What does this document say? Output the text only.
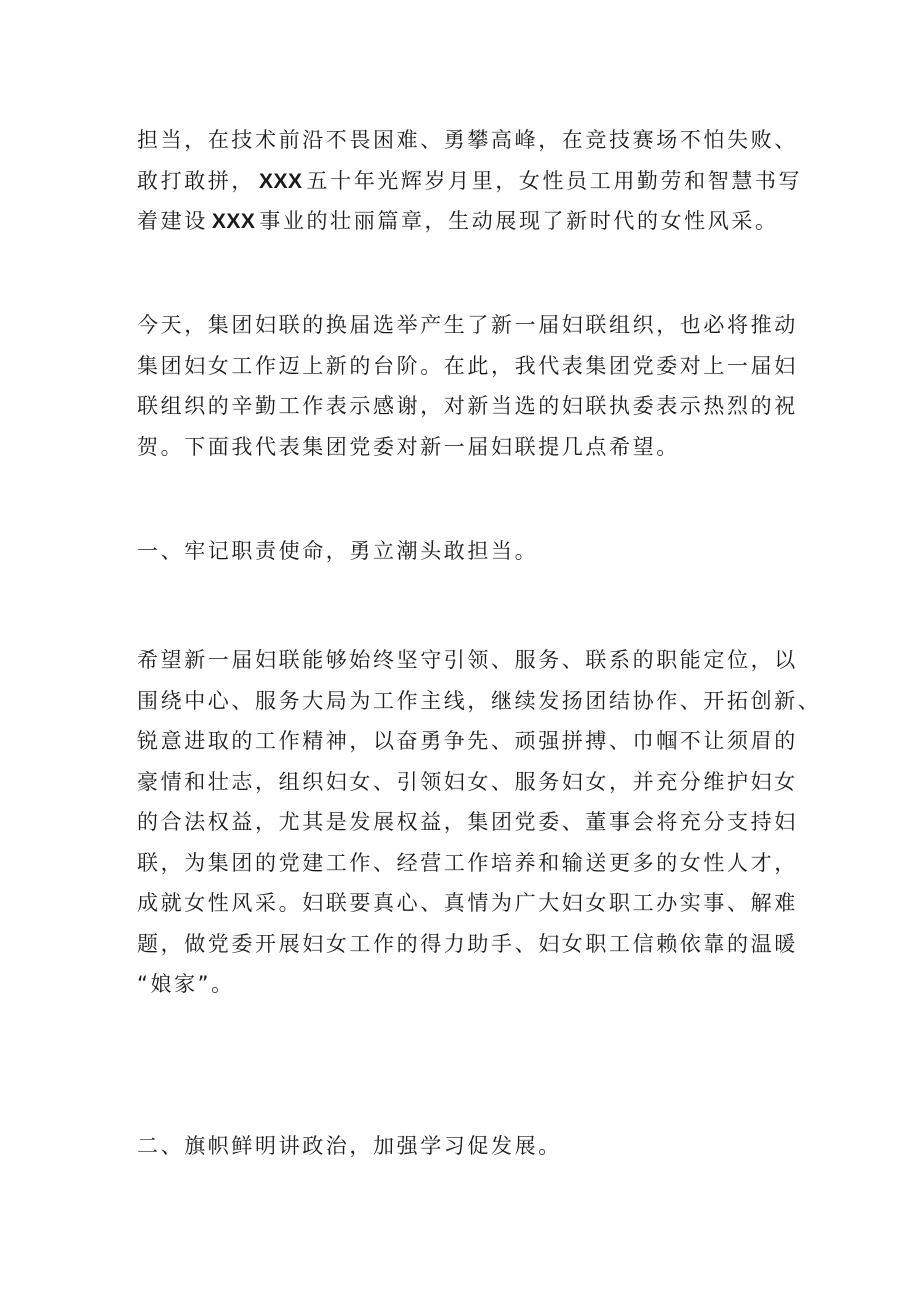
担当，在技术前沿不畏困难、勇攀高峰，在竞技赛场不怕失败、
敢打敢拼， XXX 五十年光辉岁月里，女性员工用勤劳和智慧书写
着建设 XXX 事业的壮丽篇章，生动展现了新时代的女性风采。
今天，集团妇联的换届选举产生了新一届妇联组织，也必将推动
集团妇女工作迈上新的台阶。在此，我代表集团党委对上一届妇
联组织的辛勤工作表示感谢，对新当选的妇联执委表示热烈的祝
贺。下面我代表集团党委对新一届妇联提几点希望。
一、牢记职责使命，勇立潮头敢担当。
希望新一届妇联能够始终坚守引领、服务、联系的职能定位，以
围绕中心、服务大局为工作主线，继续发扬团结协作、开拓创新、
锐意进取的工作精神，以奋勇争先、顽强拼搏、巾帼不让须眉的
豪情和壮志，组织妇女、引领妇女、服务妇女，并充分维护妇女
的合法权益，尤其是发展权益，集团党委、董事会将充分支持妇
联，为集团的党建工作、经营工作培养和输送更多的女性人才，
成就女性风采。妇联要真心、真情为广大妇女职工办实事、解难
题，做党委开展妇女工作的得力助手、妇女职工信赖依靠的温暖
“娘家”。
二、旗帜鲜明讲政治，加强学习促发展。
